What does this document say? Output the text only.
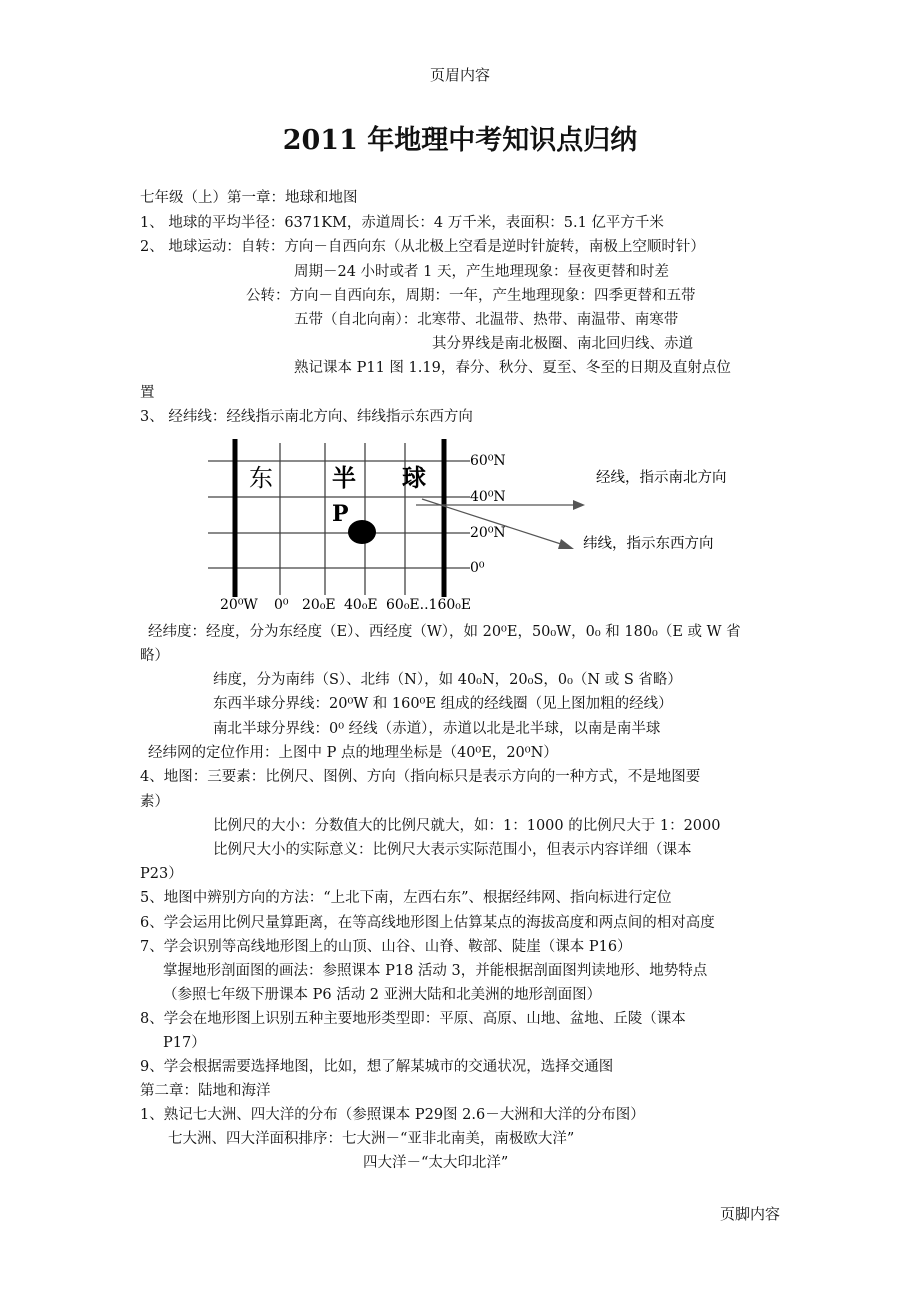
页眉内容
2011 年地理中考知识点归纳
七年级（上）第一章：地球和地图
1、 地球的平均半径：6371KM，赤道周长：4 万千米，表面积：5.1 亿平方千米
2、 地球运动：自转：方向－自西向东（从北极上空看是逆时针旋转，南极上空顺时针）
周期－24 小时或者 1 天，产生地理现象：昼夜更替和时差
公转：方向－自西向东，周期：一年，产生地理现象：四季更替和五带
五带（自北向南）：北寒带、北温带、热带、南温带、南寒带
其分界线是南北极圈、南北回归线、赤道
熟记课本 P11 图 1.19，春分、秋分、夏至、冬至的日期及直射点位
置
3、 经纬线：经线指示南北方向、纬线指示东西方向
东 半 球
P
60⁰N
40⁰N
20⁰N
0⁰
20⁰W 0⁰ 20₀E 40₀E 60₀E..160₀E
经线，指示南北方向
纬线，指示东西方向
经纬度：经度，分为东经度（E）、西经度（W），如 20⁰E，50₀W，0₀ 和 180₀（E 或 W 省
略）
纬度，分为南纬（S）、北纬（N），如 40₀N，20₀S，0₀（N 或 S 省略）
东西半球分界线：20⁰W 和 160⁰E 组成的经线圈（见上图加粗的经线）
南北半球分界线：0⁰ 经线（赤道），赤道以北是北半球，以南是南半球
经纬网的定位作用：上图中 P 点的地理坐标是（40⁰E，20⁰N）
4、地图：三要素：比例尺、图例、方向（指向标只是表示方向的一种方式，不是地图要
素）
比例尺的大小：分数值大的比例尺就大，如：1：1000 的比例尺大于 1：2000
比例尺大小的实际意义：比例尺大表示实际范围小，但表示内容详细（课本
P23）
5、地图中辨别方向的方法：“上北下南，左西右东”、根据经纬网、指向标进行定位
6、学会运用比例尺量算距离，在等高线地形图上估算某点的海拔高度和两点间的相对高度
7、学会识别等高线地形图上的山顶、山谷、山脊、鞍部、陡崖（课本 P16）
掌握地形剖面图的画法：参照课本 P18 活动 3，并能根据剖面图判读地形、地势特点
（参照七年级下册课本 P6 活动 2 亚洲大陆和北美洲的地形剖面图）
8、学会在地形图上识别五种主要地形类型即：平原、高原、山地、盆地、丘陵（课本
P17）
9、学会根据需要选择地图，比如，想了解某城市的交通状况，选择交通图
第二章：陆地和海洋
1、熟记七大洲、四大洋的分布（参照课本 P29图 2.6－大洲和大洋的分布图）
七大洲、四大洋面积排序：七大洲－“亚非北南美，南极欧大洋”
四大洋－“太大印北洋”
页脚内容
